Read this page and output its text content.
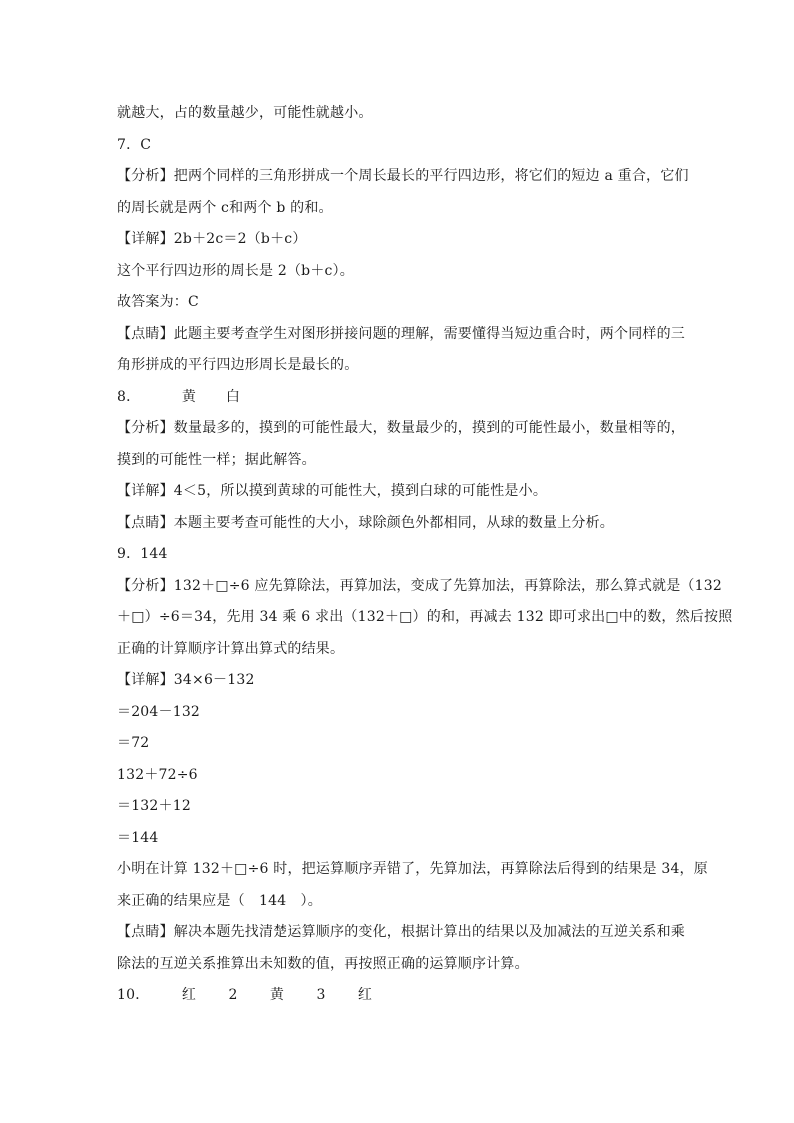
就越大，占的数量越少，可能性就越小。
7．C
【分析】把两个同样的三角形拼成一个周长最长的平行四边形，将它们的短边 a 重合，它们
的周长就是两个 c和两个 b 的和。
【详解】2b＋2c＝2（b＋c）
这个平行四边形的周长是 2（b＋c）。
故答案为：C
【点睛】此题主要考查学生对图形拼接问题的理解，需要懂得当短边重合时，两个同样的三
角形拼成的平行四边形周长是最长的。
8．	黄 白
【分析】数量最多的，摸到的可能性最大，数量最少的，摸到的可能性最小，数量相等的，
摸到的可能性一样；据此解答。
【详解】4＜5，所以摸到黄球的可能性大，摸到白球的可能性是小。
【点睛】本题主要考查可能性的大小，球除颜色外都相同，从球的数量上分析。
9．144
【分析】132＋□÷6 应先算除法，再算加法，变成了先算加法，再算除法，那么算式就是（132
＋□）÷6＝34，先用 34 乘 6 求出（132＋□）的和，再减去 132 即可求出□中的数，然后按照
正确的计算顺序计算出算式的结果。
【详解】34×6－132
＝204－132
＝72
132＋72÷6
＝132＋12
＝144
小明在计算 132＋□÷6 时，把运算顺序弄错了，先算加法，再算除法后得到的结果是 34，原
来正确的结果应是（　144　）。
【点睛】解决本题先找清楚运算顺序的变化，根据计算出的结果以及加减法的互逆关系和乘
除法的互逆关系推算出未知数的值，再按照正确的运算顺序计算。
10． 红 2 黄 3 红
